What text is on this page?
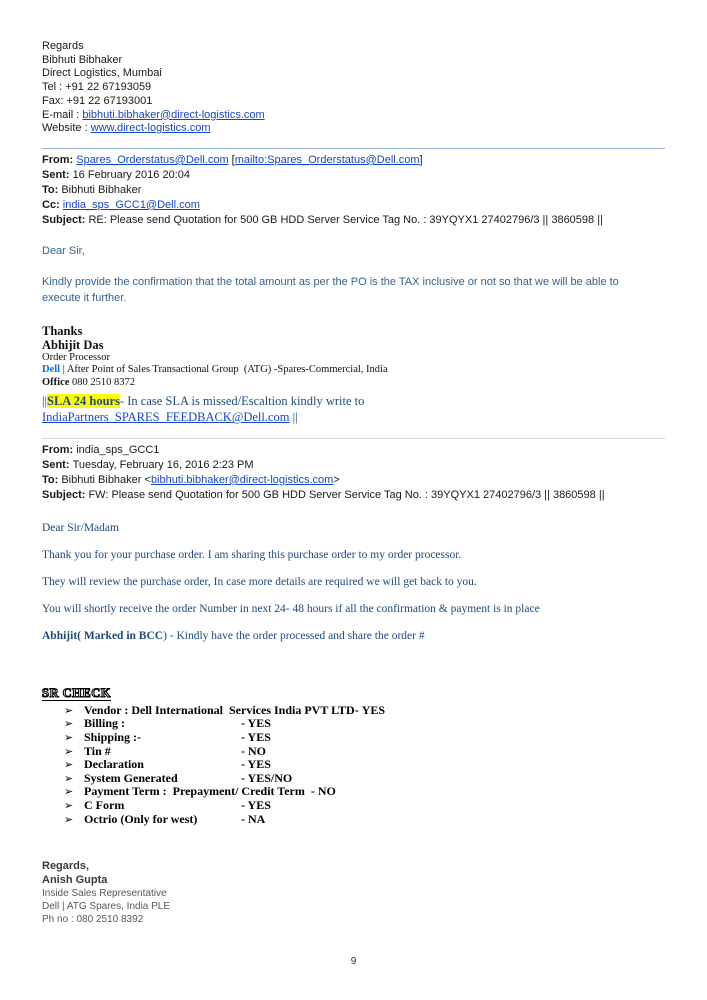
Regards
Bibhuti Bibhaker
Direct Logistics, Mumbai
Tel : +91 22 67193059
Fax: +91 22 67193001
E-mail : bibhuti.bibhaker@direct-logistics.com
Website : www.direct-logistics.com
From: Spares_Orderstatus@Dell.com [mailto:Spares_Orderstatus@Dell.com]
Sent: 16 February 2016 20:04
To: Bibhuti Bibhaker
Cc: india_sps_GCC1@Dell.com
Subject: RE: Please send Quotation for 500 GB HDD Server Service Tag No. : 39YQYX1 27402796/3 || 3860598 ||
Dear Sir,
Kindly provide the confirmation that the total amount as per the PO is the TAX inclusive or not so that we will be able to execute it further.
Thanks
Abhijit Das
Order Processor
Dell | After Point of Sales Transactional Group  (ATG) -Spares-Commercial, India
Office 080 2510 8372
||SLA 24 hours- In case SLA is missed/Escaltion kindly write to IndiaPartners_SPARES_FEEDBACK@Dell.com ||
From: india_sps_GCC1
Sent: Tuesday, February 16, 2016 2:23 PM
To: Bibhuti Bibhaker <bibhuti.bibhaker@direct-logistics.com>
Subject: FW: Please send Quotation for 500 GB HDD Server Service Tag No. : 39YQYX1 27402796/3 || 3860598 ||
Dear Sir/Madam
Thank you for your purchase order. I am sharing this purchase order to my order processor.
They will review the purchase order, In case more details are required we will get back to you.
You will shortly receive the order Number in next 24- 48 hours if all the confirmation & payment is in place
Abhijit( Marked in BCC) - Kindly have the order processed and share the order #
SR CHECK
➢ Vendor : Dell International  Services India PVT LTD- YES
➢ Billing :	- YES
➢ Shipping :-	- YES
➢ Tin #	- NO
➢ Declaration	- YES
➢ System Generated	- YES/NO
➢ Payment Term :  Prepayment/ Credit Term - NO
➢ C Form	- YES
➢ Octrio (Only for west)	- NA
Regards,
Anish Gupta
Inside Sales Representative
Dell | ATG Spares, India PLE
Ph no : 080 2510 8392
9
